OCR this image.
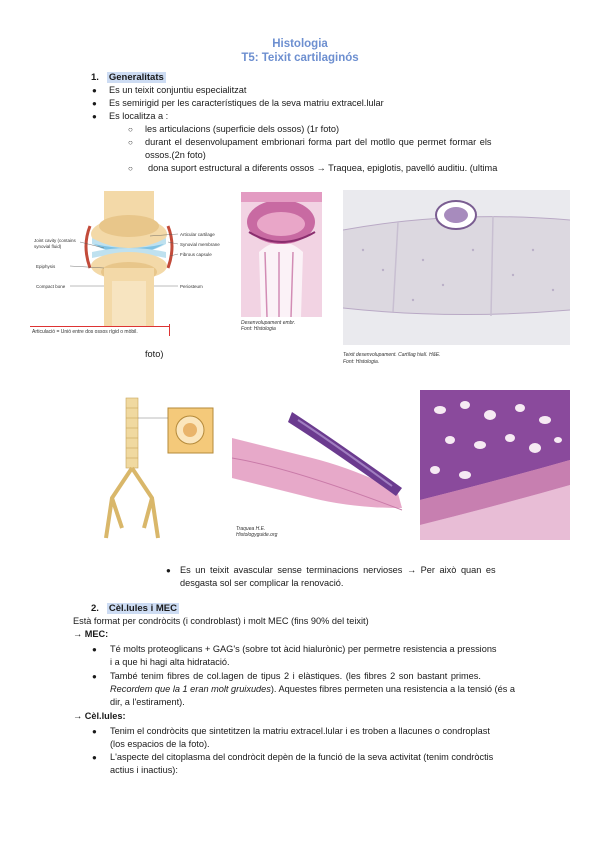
Histologia
T5: Teixit cartilaginós
1. Generalitats
● Es un teixit conjuntiu especialitzat
● Es semirigid per les característiques de la seva matriu extracel.lular
● Es localitza a :
○ les articulacions (superficie dels ossos) (1r foto)
○ durant el desenvolupament embrionari forma part del motllo que permet formar els
ossos.(2n foto)
○ dona suport estructural a diferents ossos → Traquea, epiglotis, pavelló auditiu. (ultima
Articular cartilage
Synovial membrane
Fibrous capsule
Periosteum
Joint cavity (contains synovial fluid)
Epiphysis
Compact bone
Articulació = Unió entre dos ossos rígid o mòbil.
foto)
Desenvolupament embr.
Font: Histologia
Teixit desenvolupament. Cartílag hialí. H&E.
Font: Histologia.
Traquea H.E.
Histologyguide.org
● Es un teixit avascular sense terminacions nervioses → Per això quan es
desgasta sol ser complicar la renovació.
2. Cèl.lules i MEC
Està format per condròcits (i condroblast) i molt MEC (fins 90% del teixit)
→ MEC:
● Té molts proteoglicans + GAG's (sobre tot àcid hialurònic) per permetre resistencia a pressions
i a que hi hagi alta hidratació.
● També tenim fibres de col.lagen de tipus 2 i elàstiques. (les fibres 2 son bastant primes.
Recordem que la 1 eran molt gruixudes). Aquestes fibres permeten una resistencia a la tensió (és a
dir, a l'estirament).
→ Cèl.lules:
● Tenim el condròcits que sintetitzen la matriu extracel.lular i es troben a llacunes o condroplast
(los espacios de la foto).
● L'aspecte del citoplasma del condròcit depèn de la funció de la seva activitat (tenim condròctis
actius i inactius):
